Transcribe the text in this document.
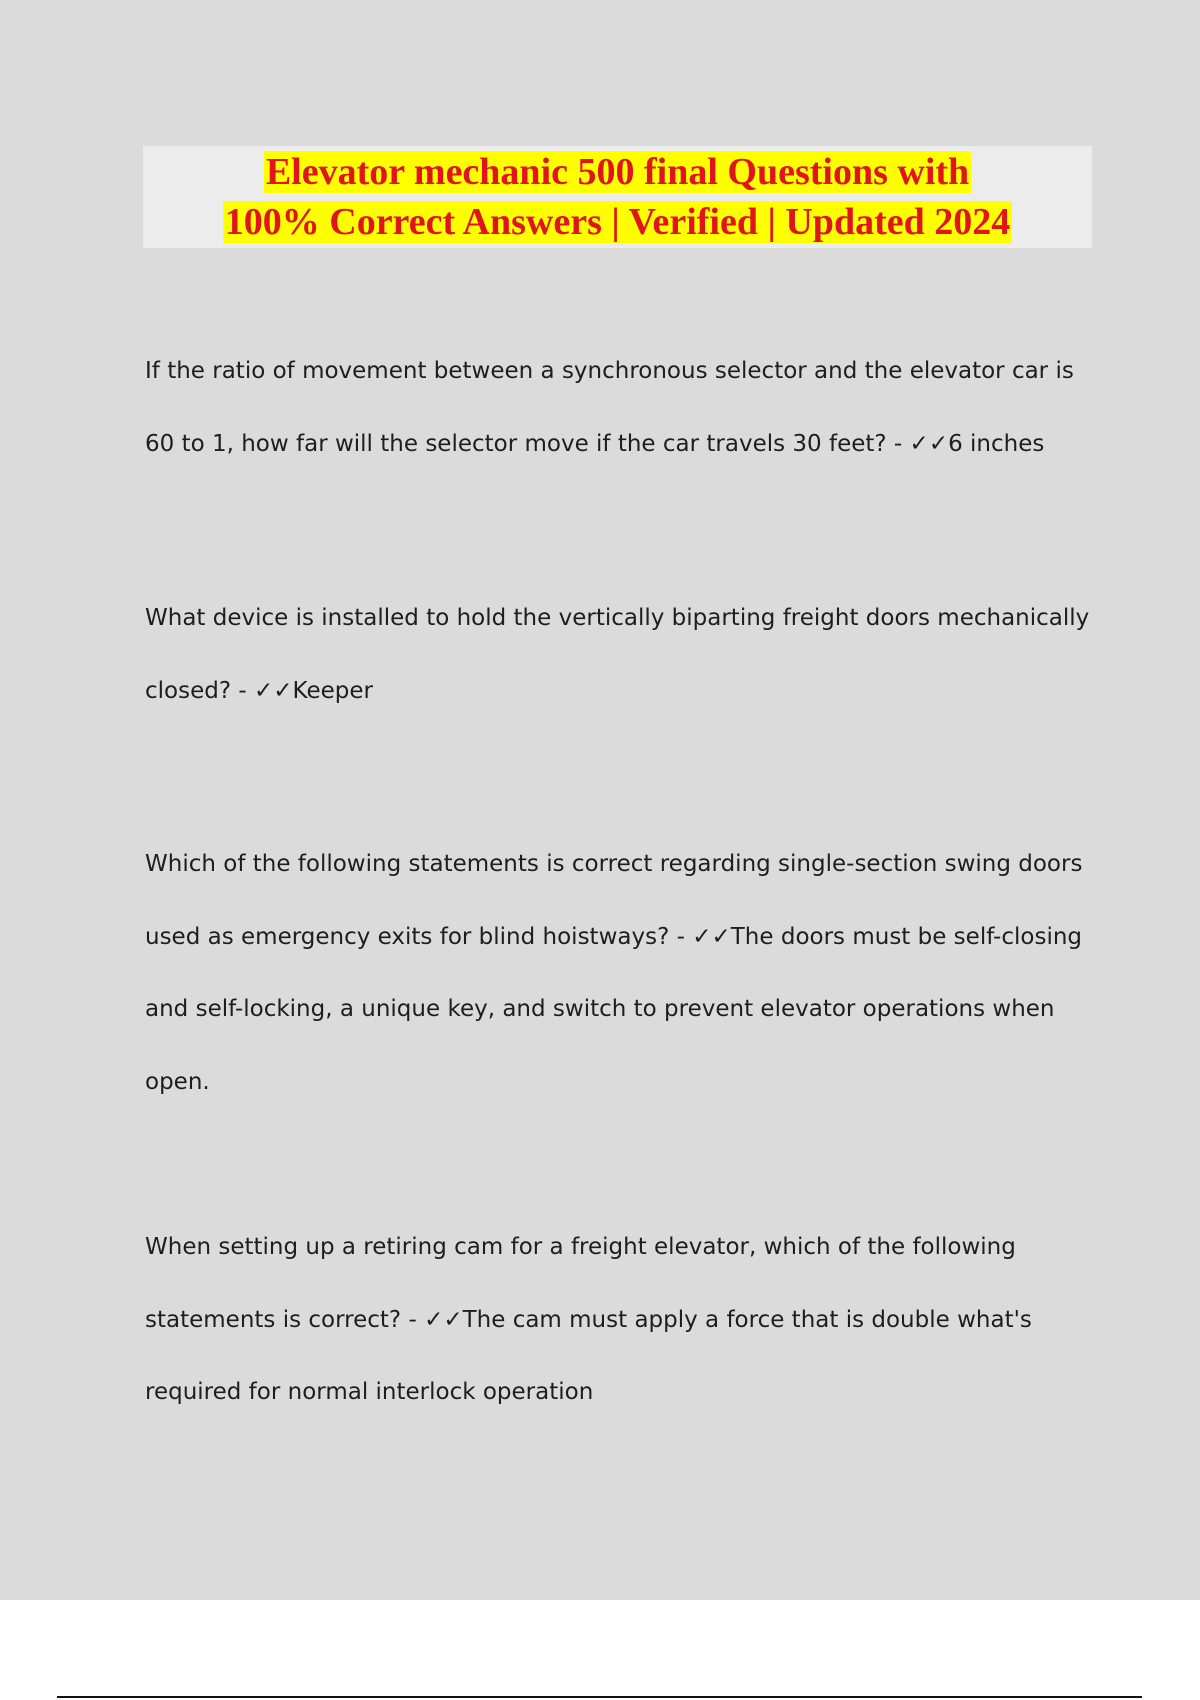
Elevator mechanic 500 final Questions with
100% Correct Answers | Verified | Updated 2024
If the ratio of movement between a synchronous selector and the elevator car is 60 to 1, how far will the selector move if the car travels 30 feet? - ✓✓6 inches
What device is installed to hold the vertically biparting freight doors mechanically closed? - ✓✓Keeper
Which of the following statements is correct regarding single-section swing doors used as emergency exits for blind hoistways? - ✓✓The doors must be self-closing and self-locking, a unique key, and switch to prevent elevator operations when open.
When setting up a retiring cam for a freight elevator, which of the following statements is correct? - ✓✓The cam must apply a force that is double what's required for normal interlock operation
